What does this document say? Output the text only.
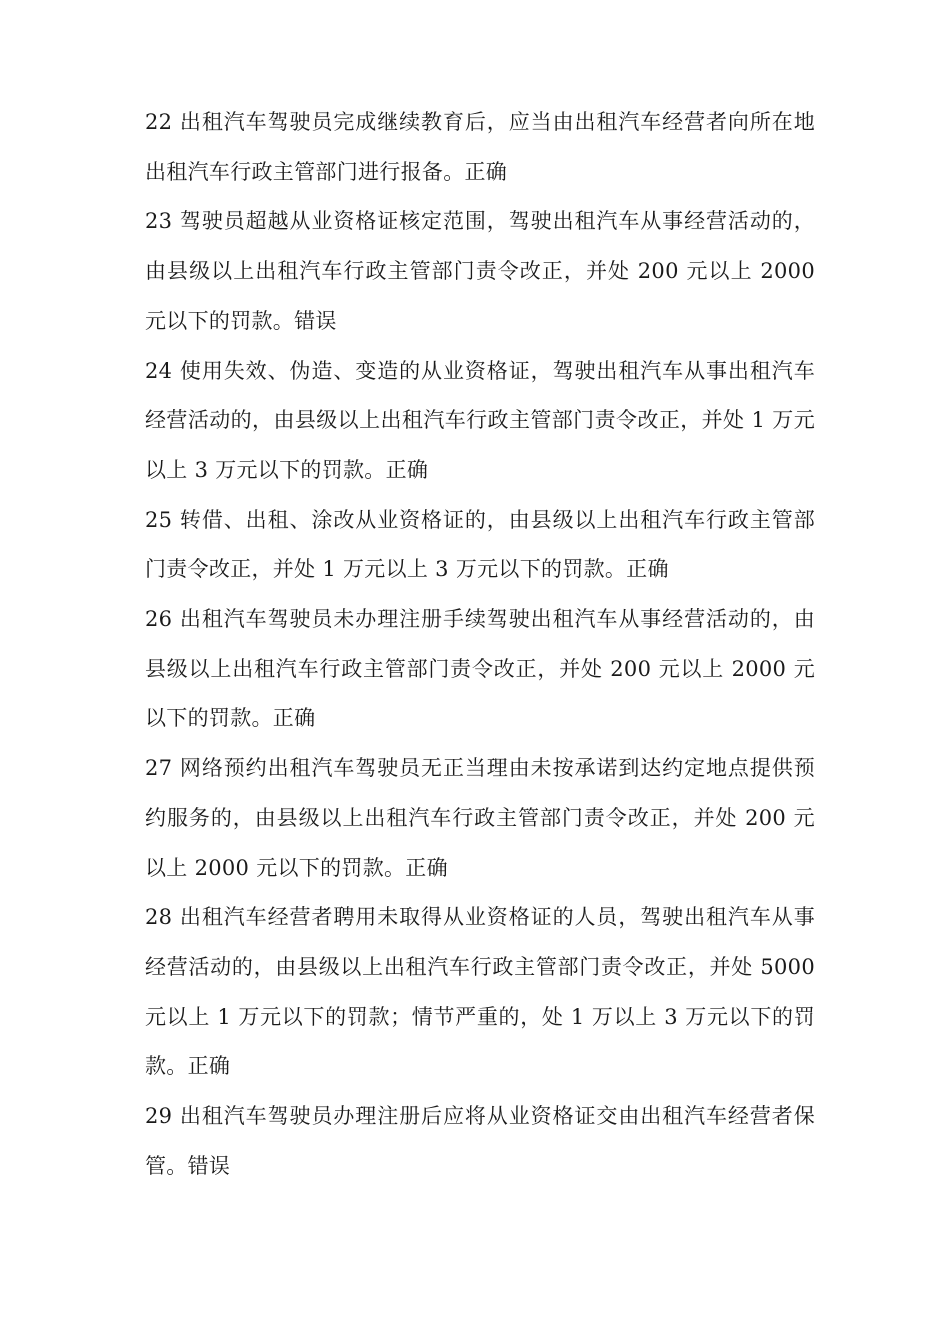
22 出租汽车驾驶员完成继续教育后，应当由出租汽车经营者向所在地出租汽车行政主管部门进行报备。正确

23 驾驶员超越从业资格证核定范围，驾驶出租汽车从事经营活动的，由县级以上出租汽车行政主管部门责令改正，并处 200 元以上 2000 元以下的罚款。错误

24 使用失效、伪造、变造的从业资格证，驾驶出租汽车从事出租汽车经营活动的，由县级以上出租汽车行政主管部门责令改正，并处 1 万元以上 3 万元以下的罚款。正确

25 转借、出租、涂改从业资格证的，由县级以上出租汽车行政主管部门责令改正，并处 1 万元以上 3 万元以下的罚款。正确

26 出租汽车驾驶员未办理注册手续驾驶出租汽车从事经营活动的，由县级以上出租汽车行政主管部门责令改正，并处 200 元以上 2000 元以下的罚款。正确

27 网络预约出租汽车驾驶员无正当理由未按承诺到达约定地点提供预约服务的，由县级以上出租汽车行政主管部门责令改正，并处 200 元以上 2000 元以下的罚款。正确

28 出租汽车经营者聘用未取得从业资格证的人员，驾驶出租汽车从事经营活动的，由县级以上出租汽车行政主管部门责令改正，并处 5000 元以上 1 万元以下的罚款；情节严重的，处 1 万以上 3 万元以下的罚款。正确

29 出租汽车驾驶员办理注册后应将从业资格证交由出租汽车经营者保管。错误
